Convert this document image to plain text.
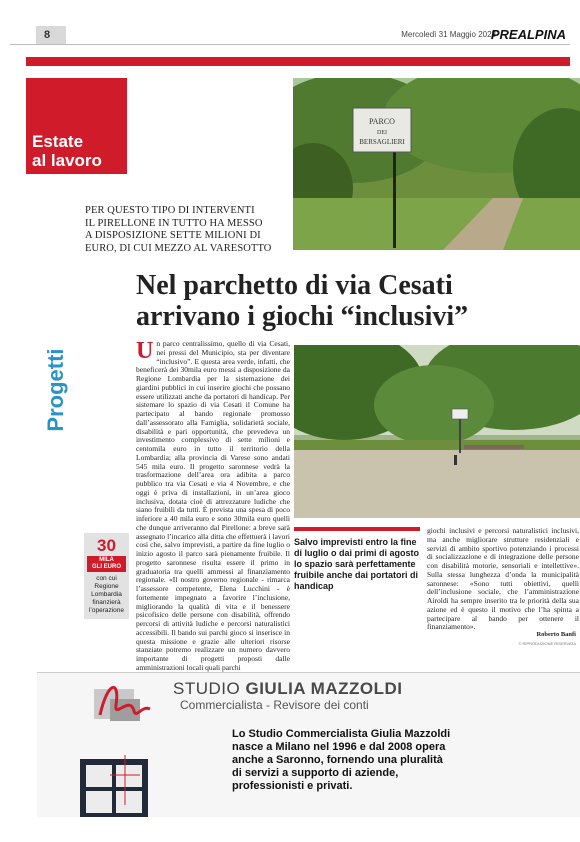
8	Mercoledì 31 Maggio 2023
PREALPINA
Estate
al lavoro
PARCO
DEI
BERSAGLIERI
PER QUESTO TIPO DI INTERVENTI
IL PIRELLONE IN TUTTO HA MESSO
A DISPOSIZIONE SETTE MILIONI DI
EURO, DI CUI MEZZO AL VARESOTTO
Nel parchetto di via Cesati
arrivano i giochi “inclusivi”
Progetti	Un parco centralissimo, quello di via Cesati, nei pressi del Municipio, sta per diventare “inclusivo”. E questa area verde, infatti, che beneficerà dei 30mila euro messi a disposizione da Regione Lombardia per la sistemazione dei giardini pubblici in cui inserire giochi che possano essere utilizzati anche da portatori di handicap. Per sistemare lo spazio di via Cesati il Comune ha partecipato al bando regionale promosso dall’assessorato alla Famiglia, solidarietà sociale, disabilità e pari opportunità, che prevedeva un investimento complessivo di sette milioni e centomila euro in tutto il territorio della Lombardia; alla provincia di Varese sono andati 545 mila euro. Il progetto saronnese vedrà la trasformazione dell’area ora adibita a parco pubblico tra via Cesati e via 4 Novembre, e che oggi è priva di installazioni, in un’area gioco inclusiva, dotata cioè di attrezzature ludiche che siano fruibili da tutti. È prevista una spesa di poco inferiore a 40 mila euro e sono 30mila euro quelli che dunque arriveranno dal Pirellone: a breve sarà assegnato l’incarico alla ditta che effettuerà i lavori così che, salvo imprevisti, a partire da fine luglio o inizio agosto il parco sarà pienamente fruibile. Il progetto saronnese risulta essere il primo in graduatoria tra quelli ammessi al finanziamento regionale. «Il nostro governo regionale - rimarca l’assessore competente, Elena Lucchini - è fortemente impegnato a favorire l’inclusione, migliorando la qualità di vita e il benessere psicofisico delle persone con disabilità, offrendo percorsi di attività ludiche e percorsi naturalistici accessibili. Il bando sui parchi gioco si inserisce in questa missione e grazie alle ulteriori risorse stanziate potremo realizzare un numero davvero importante di progetti proposti dalle amministrazioni locali quali parchi
Salvo imprevisti entro la fine di luglio o dai primi di agosto lo spazio sarà perfettamente fruibile anche dai portatori di handicap
giochi inclusivi e percorsi naturalistici inclusivi, ma anche migliorare strutture residenziali e servizi di ambito sportivo potenziando i processi di socializzazione e di integrazione delle persone con disabilità motorie, sensoriali e intellettive». Sulla stessa lunghezza d’onda la municipalità saronnese: «Sono tutti obiettivi, quelli dell’inclusione sociale, che l’amministrazione Airoldi ha sempre inserito tra le priorità della sua azione ed è questo il motivo che l’ha spinta a partecipare al bando per ottenere il finanziamento».
Roberto Banfi
© RIPRODUZIONE RISERVATA
30
MILA
GLI EURO
con cui Regione Lombardia finanzierà l’operazione
STUDIO GIULIA MAZZOLDI
Commercialista - Revisore dei conti
Lo Studio Commercialista Giulia Mazzoldi
nasce a Milano nel 1996 e dal 2008 opera
anche a Saronno, fornendo una pluralità
di servizi a supporto di aziende,
professionisti e privati.
